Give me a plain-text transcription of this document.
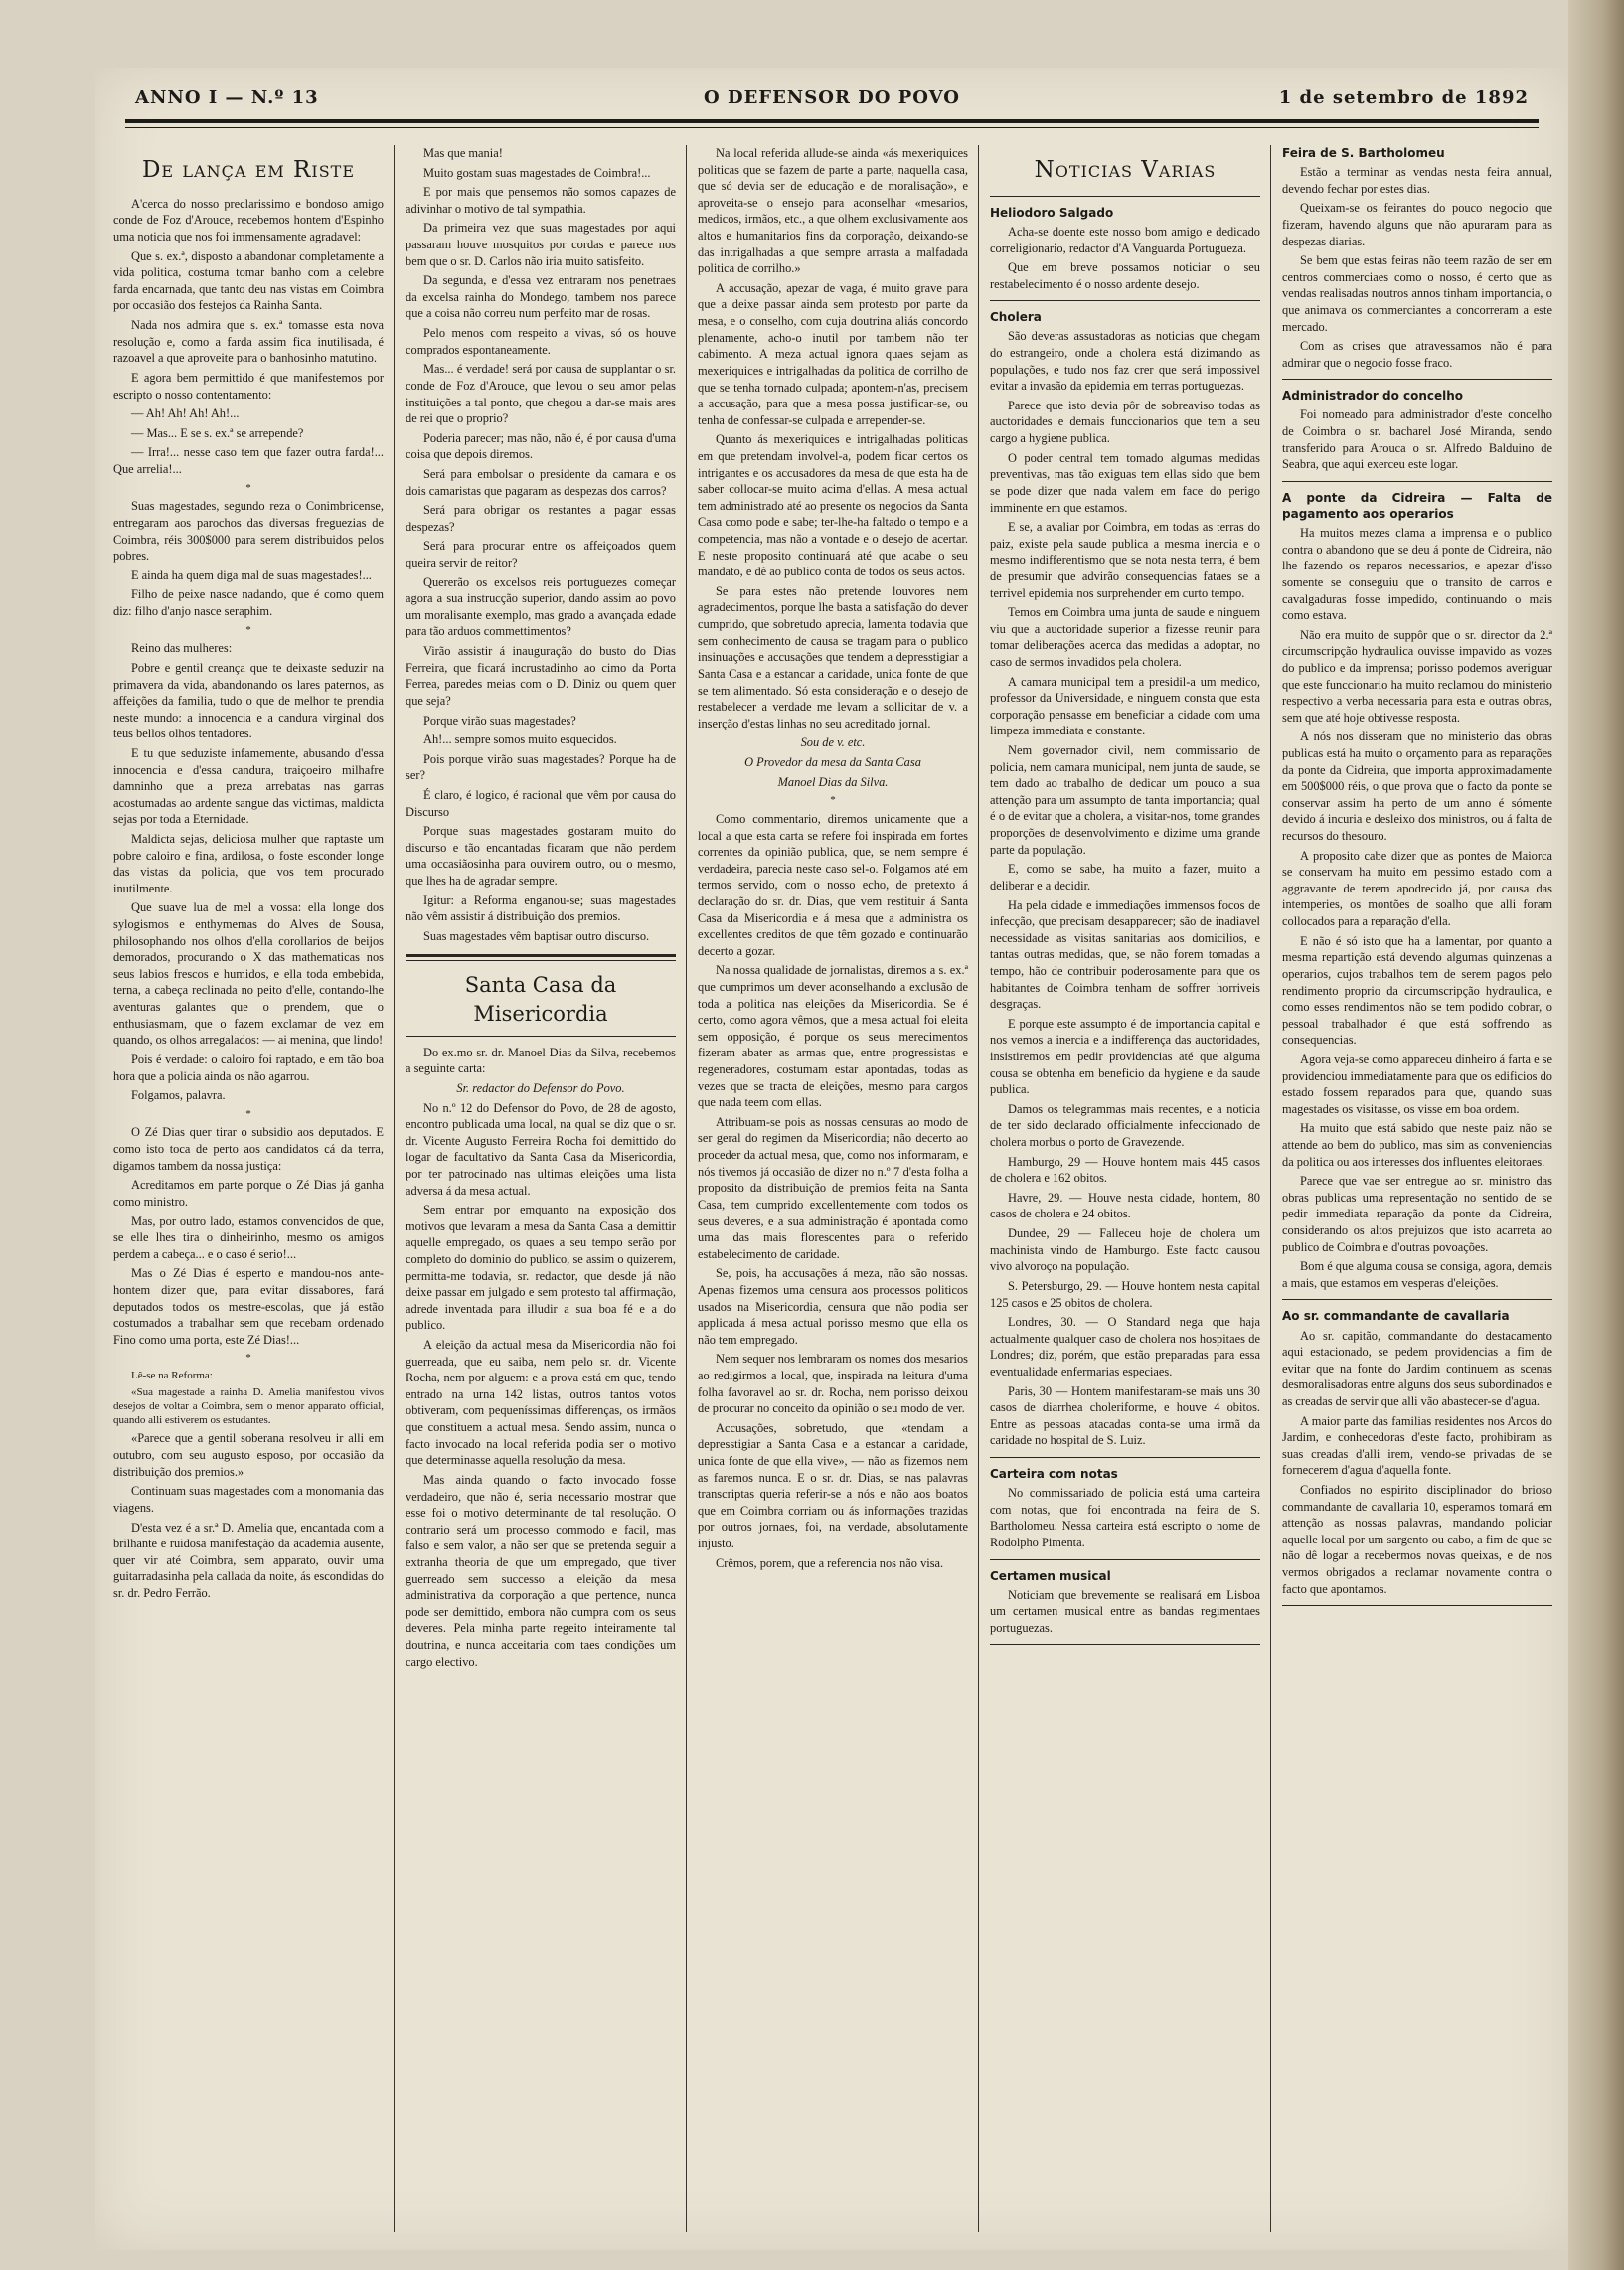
ANNO I — N.º 13	O DEFENSOR DO POVO	1 de setembro de 1892
De lança em Riste

A'cerca do nosso preclarissimo e bondoso amigo conde de Foz d'Arouce, recebemos hontem d'Espinho uma noticia que nos foi immensamente agradavel:

Que s. ex.ª, disposto a abandonar completamente a vida politica, costuma tomar banho com a celebre farda encarnada, que tanto deu nas vistas em Coimbra por occasião dos festejos da Rainha Santa.

Nada nos admira que s. ex.ª tomasse esta nova resolução e, como a farda assim fica inutilisada, é razoavel a que aproveite para o banhosinho matutino.

E agora bem permittido é que manifestemos por escripto o nosso contentamento:

— Ah! Ah! Ah! Ah!...

— Mas... E se s. ex.ª se arrepende?

— Irra!... nesse caso tem que fazer outra farda!... Que arrelia!...

*

Suas magestades, segundo reza o Conimbricense, entregaram aos parochos das diversas freguezias de Coimbra, réis 300$000 para serem distribuidos pelos pobres.

E ainda ha quem diga mal de suas magestades!...

Filho de peixe nasce nadando, que é como quem diz: filho d'anjo nasce seraphim.

*

Reino das mulheres:

Pobre e gentil creança que te deixaste seduzir na primavera da vida, abandonando os lares paternos, as affeições da familia, tudo o que de melhor te prendia neste mundo: a innocencia e a candura virginal dos teus bellos olhos tentadores.

E tu que seduziste infamemente, abusando d'essa innocencia e d'essa candura, traiçoeiro milhafre damninho que a preza arrebatas nas garras acostumadas ao ardente sangue das victimas, maldicta sejas por toda a Eternidade.

Maldicta sejas, deliciosa mulher que raptaste um pobre caloiro e fina, ardilosa, o foste esconder longe das vistas da policia, que vos tem procurado inutilmente.

Que suave lua de mel a vossa: ella longe dos sylogismos e enthymemas do Alves de Sousa, philosophando nos olhos d'ella corollarios de beijos demorados, procurando o X das mathematicas nos seus labios frescos e humidos, e ella toda embebida, terna, a cabeça reclinada no peito d'elle, contando-lhe aventuras galantes que o prendem, que o enthusiasmam, que o fazem exclamar de vez em quando, os olhos arregalados: — ai menina, que lindo!

Pois é verdade: o caloiro foi raptado, e em tão boa hora que a policia ainda os não agarrou.

Folgamos, palavra.

*

O Zé Dias quer tirar o subsidio aos deputados. E como isto toca de perto aos candidatos cá da terra, digamos tambem da nossa justiça:

Acreditamos em parte porque o Zé Dias já ganha como ministro.

Mas, por outro lado, estamos convencidos de que, se elle lhes tira o dinheirinho, mesmo os amigos perdem a cabeça... e o caso é serio!...

Mas o Zé Dias é esperto e mandou-nos ante-hontem dizer que, para evitar dissabores, fará deputados todos os mestre-escolas, que já estão costumados a trabalhar sem que recebam ordenado Fino como uma porta, este Zé Dias!...

*

Lê-se na Reforma:

«Sua magestade a rainha D. Amelia manifestou vivos desejos de voltar a Coimbra, sem o menor apparato official, quando alli estiverem os estudantes.

«Parece que a gentil soberana resolveu ir alli em outubro, com seu augusto esposo, por occasião da distribuição dos premios.»

Continuam suas magestades com a monomania das viagens.

D'esta vez é a sr.ª D. Amelia que, encantada com a brilhante e ruidosa manifestação da academia ausente, quer vir até Coimbra, sem apparato, ouvir uma guitarradasinha pela callada da noite, ás escondidas do sr. dr. Pedro Ferrão.

Mas que mania!

Muito gostam suas magestades de Coimbra!...

E por mais que pensemos não somos capazes de adivinhar o motivo de tal sympathia.

Da primeira vez que suas magestades por aqui passaram houve mosquitos por cordas e parece nos bem que o sr. D. Carlos não iria muito satisfeito.

Da segunda, e d'essa vez entraram nos penetraes da excelsa rainha do Mondego, tambem nos parece que a coisa não correu num perfeito mar de rosas.

Pelo menos com respeito a vivas, só os houve comprados espontaneamente.

Mas... é verdade! será por causa de supplantar o sr. conde de Foz d'Arouce, que levou o seu amor pelas instituições a tal ponto, que chegou a dar-se mais ares de rei que o proprio?

Poderia parecer; mas não, não é, é por causa d'uma coisa que depois diremos.

Será para embolsar o presidente da camara e os dois camaristas que pagaram as despezas dos carros?

Será para obrigar os restantes a pagar essas despezas?

Será para procurar entre os affeiçoados quem queira servir de reitor?

Quererão os excelsos reis portuguezes começar agora a sua instrucção superior, dando assim ao povo um moralisante exemplo, mas grado a avançada edade para tão arduos commettimentos?

Virão assistir á inauguração do busto do Dias Ferreira, que ficará incrustadinho ao cimo da Porta Ferrea, paredes meias com o D. Diniz ou quem quer que seja?

Porque virão suas magestades?

Ah!... sempre somos muito esquecidos.

Pois porque virão suas magestades? Porque ha de ser?

É claro, é logico, é racional que vêm por causa do Discurso

Porque suas magestades gostaram muito do discurso e tão encantadas ficaram que não perdem uma occasiãosinha para ouvirem outro, ou o mesmo, que lhes ha de agradar sempre.

Igitur: a Reforma enganou-se; suas magestades não vêm assistir á distribuição dos premios.

Suas magestades vêm baptisar outro discurso.

Santa Casa da Misericordia

Do ex.mo sr. dr. Manoel Dias da Silva, recebemos a seguinte carta:

Sr. redactor do Defensor do Povo.

No n.º 12 do Defensor do Povo, de 28 de agosto, encontro publicada uma local, na qual se diz que o sr. dr. Vicente Augusto Ferreira Rocha foi demittido do logar de facultativo da Santa Casa da Misericordia, por ter patrocinado nas ultimas eleições uma lista adversa á da mesa actual.

Sem entrar por emquanto na exposição dos motivos que levaram a mesa da Santa Casa a demittir aquelle empregado, os quaes a seu tempo serão por completo do dominio do publico, se assim o quizerem, permitta-me todavia, sr. redactor, que desde já não deixe passar em julgado e sem protesto tal affirmação, adrede inventada para illudir a sua boa fé e a do publico.

A eleição da actual mesa da Misericordia não foi guerreada, que eu saiba, nem pelo sr. dr. Vicente Rocha, nem por alguem: e a prova está em que, tendo entrado na urna 142 listas, outros tantos votos obtiveram, com pequeníssimas differenças, os irmãos que constituem a actual mesa. Sendo assim, nunca o facto invocado na local referida podia ser o motivo que determinasse aquella resolução da mesa.

Mas ainda quando o facto invocado fosse verdadeiro, que não é, seria necessario mostrar que esse foi o motivo determinante de tal resolução. O contrario será um processo commodo e facil, mas falso e sem valor, a não ser que se pretenda seguir a extranha theoria de que um empregado, que tiver guerreado sem successo a eleição da mesa administrativa da corporação a que pertence, nunca pode ser demittido, embora não cumpra com os seus deveres. Pela minha parte regeito inteiramente tal doutrina, e nunca acceitaria com taes condições um cargo electivo.

Na local referida allude-se ainda «ás mexeriquices politicas que se fazem de parte a parte, naquella casa, que só devia ser de educação e de moralisação», e aproveita-se o ensejo para aconselhar «mesarios, medicos, irmãos, etc., a que olhem exclusivamente aos altos e humanitarios fins da corporação, deixando-se das intrigalhadas a que sempre arrasta a malfadada politica de corrilho.»

A accusação, apezar de vaga, é muito grave para que a deixe passar ainda sem protesto por parte da mesa, e o conselho, com cuja doutrina aliás concordo plenamente, acho-o inutil por tambem não ter cabimento. A meza actual ignora quaes sejam as mexeriquices e intrigalhadas da politica de corrilho de que se tenha tornado culpada; apontem-n'as, precisem a accusação, para que a mesa possa justificar-se, ou tenha de confessar-se culpada e arrepender-se.

Quanto ás mexeriquices e intrigalhadas politicas em que pretendam involvel-a, podem ficar certos os intrigantes e os accusadores da mesa de que esta ha de saber collocar-se muito acima d'ellas. A mesa actual tem administrado até ao presente os negocios da Santa Casa como pode e sabe; ter-lhe-ha faltado o tempo e a competencia, mas não a vontade e o desejo de acertar. E neste proposito continuará até que acabe o seu mandato, e dê ao publico conta de todos os seus actos.

Se para estes não pretende louvores nem agradecimentos, porque lhe basta a satisfação do dever cumprido, que sobretudo aprecia, lamenta todavia que sem conhecimento de causa se tragam para o publico insinuações e accusações que tendem a depresstigiar a Santa Casa e a estancar a caridade, unica fonte de que se tem alimentado. Só esta consideração e o desejo de restabelecer a verdade me levam a sollicitar de v. a inserção d'estas linhas no seu acreditado jornal.

Sou de v. etc.

O Provedor da mesa da Santa Casa

Manoel Dias da Silva.

*

Como commentario, diremos unicamente que a local a que esta carta se refere foi inspirada em fortes correntes da opinião publica, que, se nem sempre é verdadeira, parecia neste caso sel-o. Folgamos até em termos servido, com o nosso echo, de pretexto á declaração do sr. dr. Dias, que vem restituir á Santa Casa da Misericordia e á mesa que a administra os excellentes creditos de que têm gozado e continuarão decerto a gozar.

Na nossa qualidade de jornalistas, diremos a s. ex.ª que cumprimos um dever aconselhando a exclusão de toda a politica nas eleições da Misericordia. Se é certo, como agora vêmos, que a mesa actual foi eleita sem opposição, é porque os seus merecimentos fizeram abater as armas que, entre progressistas e regeneradores, costumam estar apontadas, todas as vezes que se tracta de eleições, mesmo para cargos que nada teem com ellas.

Attribuam-se pois as nossas censuras ao modo de ser geral do regimen da Misericordia; não decerto ao proceder da actual mesa, que, como nos informaram, e nós tivemos já occasião de dizer no n.º 7 d'esta folha a proposito da distribuição de premios feita na Santa Casa, tem cumprido excellentemente com todos os seus deveres, e a sua administração é apontada como uma das mais florescentes para o referido estabelecimento de caridade.

Se, pois, ha accusações á meza, não são nossas. Apenas fizemos uma censura aos processos politicos usados na Misericordia, censura que não podia ser applicada á mesa actual porisso mesmo que ella os não tem empregado.

Nem sequer nos lembraram os nomes dos mesarios ao redigirmos a local, que, inspirada na leitura d'uma folha favoravel ao sr. dr. Rocha, nem porisso deixou de procurar no conceito da opinião o seu modo de ver.

Accusações, sobretudo, que «tendam a depresstigiar a Santa Casa e a estancar a caridade, unica fonte de que ella vive», — não as fizemos nem as faremos nunca. E o sr. dr. Dias, se nas palavras transcriptas queria referir-se a nós e não aos boatos que em Coimbra corriam ou ás informações trazidas por outros jornaes, foi, na verdade, absolutamente injusto.

Crêmos, porem, que a referencia nos não visa.

Noticias Varias

Heliodoro Salgado

Acha-se doente este nosso bom amigo e dedicado correligionario, redactor d'A Vanguarda Portugueza.

Que em breve possamos noticiar o seu restabelecimento é o nosso ardente desejo.

Cholera

São deveras assustadoras as noticias que chegam do estrangeiro, onde a cholera está dizimando as populações, e tudo nos faz crer que será impossivel evitar a invasão da epidemia em terras portuguezas.

Parece que isto devia pôr de sobreaviso todas as auctoridades e demais funccionarios que tem a seu cargo a hygiene publica.

O poder central tem tomado algumas medidas preventivas, mas tão exiguas tem ellas sido que bem se pode dizer que nada valem em face do perigo imminente em que estamos.

E se, a avaliar por Coimbra, em todas as terras do paiz, existe pela saude publica a mesma inercia e o mesmo indifferentismo que se nota nesta terra, é bem de presumir que advirão consequencias fataes se a terrivel epidemia nos surprehender em curto tempo.

Temos em Coimbra uma junta de saude e ninguem viu que a auctoridade superior a fizesse reunir para tomar deliberações acerca das medidas a adoptar, no caso de sermos invadidos pela cholera.

A camara municipal tem a presidil-a um medico, professor da Universidade, e ninguem consta que esta corporação pensasse em beneficiar a cidade com uma limpeza immediata e constante.

Nem governador civil, nem commissario de policia, nem camara municipal, nem junta de saude, se tem dado ao trabalho de dedicar um pouco a sua attenção para um assumpto de tanta importancia; qual é o de evitar que a cholera, a visitar-nos, tome grandes proporções de desenvolvimento e dizime uma grande parte da população.

E, como se sabe, ha muito a fazer, muito a deliberar e a decidir.

Ha pela cidade e immediações immensos focos de infecção, que precisam desapparecer; são de inadiavel necessidade as visitas sanitarias aos domicilios, e tantas outras medidas, que, se não forem tomadas a tempo, hão de contribuir poderosamente para que os habitantes de Coimbra tenham de soffrer horriveis desgraças.

E porque este assumpto é de importancia capital e nos vemos a inercia e a indifferença das auctoridades, insistiremos em pedir providencias até que alguma cousa se obtenha em beneficio da hygiene e da saude publica.

Damos os telegrammas mais recentes, e a noticia de ter sido declarado officialmente infeccionado de cholera morbus o porto de Gravezende.

Hamburgo, 29 — Houve hontem mais 445 casos de cholera e 162 obitos.

Havre, 29. — Houve nesta cidade, hontem, 80 casos de cholera e 24 obitos.

Dundee, 29 — Falleceu hoje de cholera um machinista vindo de Hamburgo. Este facto causou vivo alvoroço na população.

S. Petersburgo, 29. — Houve hontem nesta capital 125 casos e 25 obitos de cholera.

Londres, 30. — O Standard nega que haja actualmente qualquer caso de cholera nos hospitaes de Londres; diz, porém, que estão preparadas para essa eventualidade enfermarias especiaes.

Paris, 30 — Hontem manifestaram-se mais uns 30 casos de diarrhea choleriforme, e houve 4 obitos. Entre as pessoas atacadas conta-se uma irmã da caridade no hospital de S. Luiz.

Carteira com notas

No commissariado de policia está uma carteira com notas, que foi encontrada na feira de S. Bartholomeu. Nessa carteira está escripto o nome de Rodolpho Pimenta.

Certamen musical

Noticiam que brevemente se realisará em Lisboa um certamen musical entre as bandas regimentaes portuguezas.

Feira de S. Bartholomeu

Estão a terminar as vendas nesta feira annual, devendo fechar por estes dias.

Queixam-se os feirantes do pouco negocio que fizeram, havendo alguns que não apuraram para as despezas diarias.

Se bem que estas feiras não teem razão de ser em centros commerciaes como o nosso, é certo que as vendas realisadas noutros annos tinham importancia, o que animava os commerciantes a concorreram a este mercado.

Com as crises que atravessamos não é para admirar que o negocio fosse fraco.

Administrador do concelho

Foi nomeado para administrador d'este concelho de Coimbra o sr. bacharel José Miranda, sendo transferido para Arouca o sr. Alfredo Balduino de Seabra, que aqui exerceu este logar.

A ponte da Cidreira — Falta de pagamento aos operarios

Ha muitos mezes clama a imprensa e o publico contra o abandono que se deu á ponte de Cidreira, não lhe fazendo os reparos necessarios, e apezar d'isso somente se conseguiu que o transito de carros e cavalgaduras fosse impedido, continuando o mais como estava.

Não era muito de suppôr que o sr. director da 2.ª circumscripção hydraulica ouvisse impavido as vozes do publico e da imprensa; porisso podemos averiguar que este funccionario ha muito reclamou do ministerio respectivo a verba necessaria para esta e outras obras, sem que até hoje obtivesse resposta.

A nós nos disseram que no ministerio das obras publicas está ha muito o orçamento para as reparações da ponte da Cidreira, que importa approximadamente em 500$000 réis, o que prova que o facto da ponte se conservar assim ha perto de um anno é sómente devido á incuria e desleixo dos ministros, ou á falta de recursos do thesouro.

A proposito cabe dizer que as pontes de Maiorca se conservam ha muito em pessimo estado com a aggravante de terem apodrecido já, por causa das intemperies, os montões de soalho que alli foram collocados para a reparação d'ella.

E não é só isto que ha a lamentar, por quanto a mesma repartição está devendo algumas quinzenas a operarios, cujos trabalhos tem de serem pagos pelo rendimento proprio da circumscripção hydraulica, e como esses rendimentos não se tem podido cobrar, o pessoal trabalhador é que está soffrendo as consequencias.

Agora veja-se como appareceu dinheiro á farta e se providenciou immediatamente para que os edificios do estado fossem reparados para que, quando suas magestades os visitasse, os visse em boa ordem.

Ha muito que está sabido que neste paiz não se attende ao bem do publico, mas sim as conveniencias da politica ou aos interesses dos influentes eleitoraes.

Parece que vae ser entregue ao sr. ministro das obras publicas uma representação no sentido de se pedir immediata reparação da ponte da Cidreira, considerando os altos prejuizos que isto acarreta ao publico de Coimbra e d'outras povoações.

Bom é que alguma cousa se consiga, agora, demais a mais, que estamos em vesperas d'eleições.

Ao sr. commandante de cavallaria

Ao sr. capitão, commandante do destacamento aqui estacionado, se pedem providencias a fim de evitar que na fonte do Jardim continuem as scenas desmoralisadoras entre alguns dos seus subordinados e as creadas de servir que alli vão abastecer-se d'agua.

A maior parte das familias residentes nos Arcos do Jardim, e conhecedoras d'este facto, prohibiram as suas creadas d'alli irem, vendo-se privadas de se fornecerem d'agua d'aquella fonte.

Confiados no espirito disciplinador do brioso commandante de cavallaria 10, esperamos tomará em attenção as nossas palavras, mandando policiar aquelle local por um sargento ou cabo, a fim de que se não dê logar a recebermos novas queixas, e de nos vermos obrigados a reclamar novamente contra o facto que apontamos.
